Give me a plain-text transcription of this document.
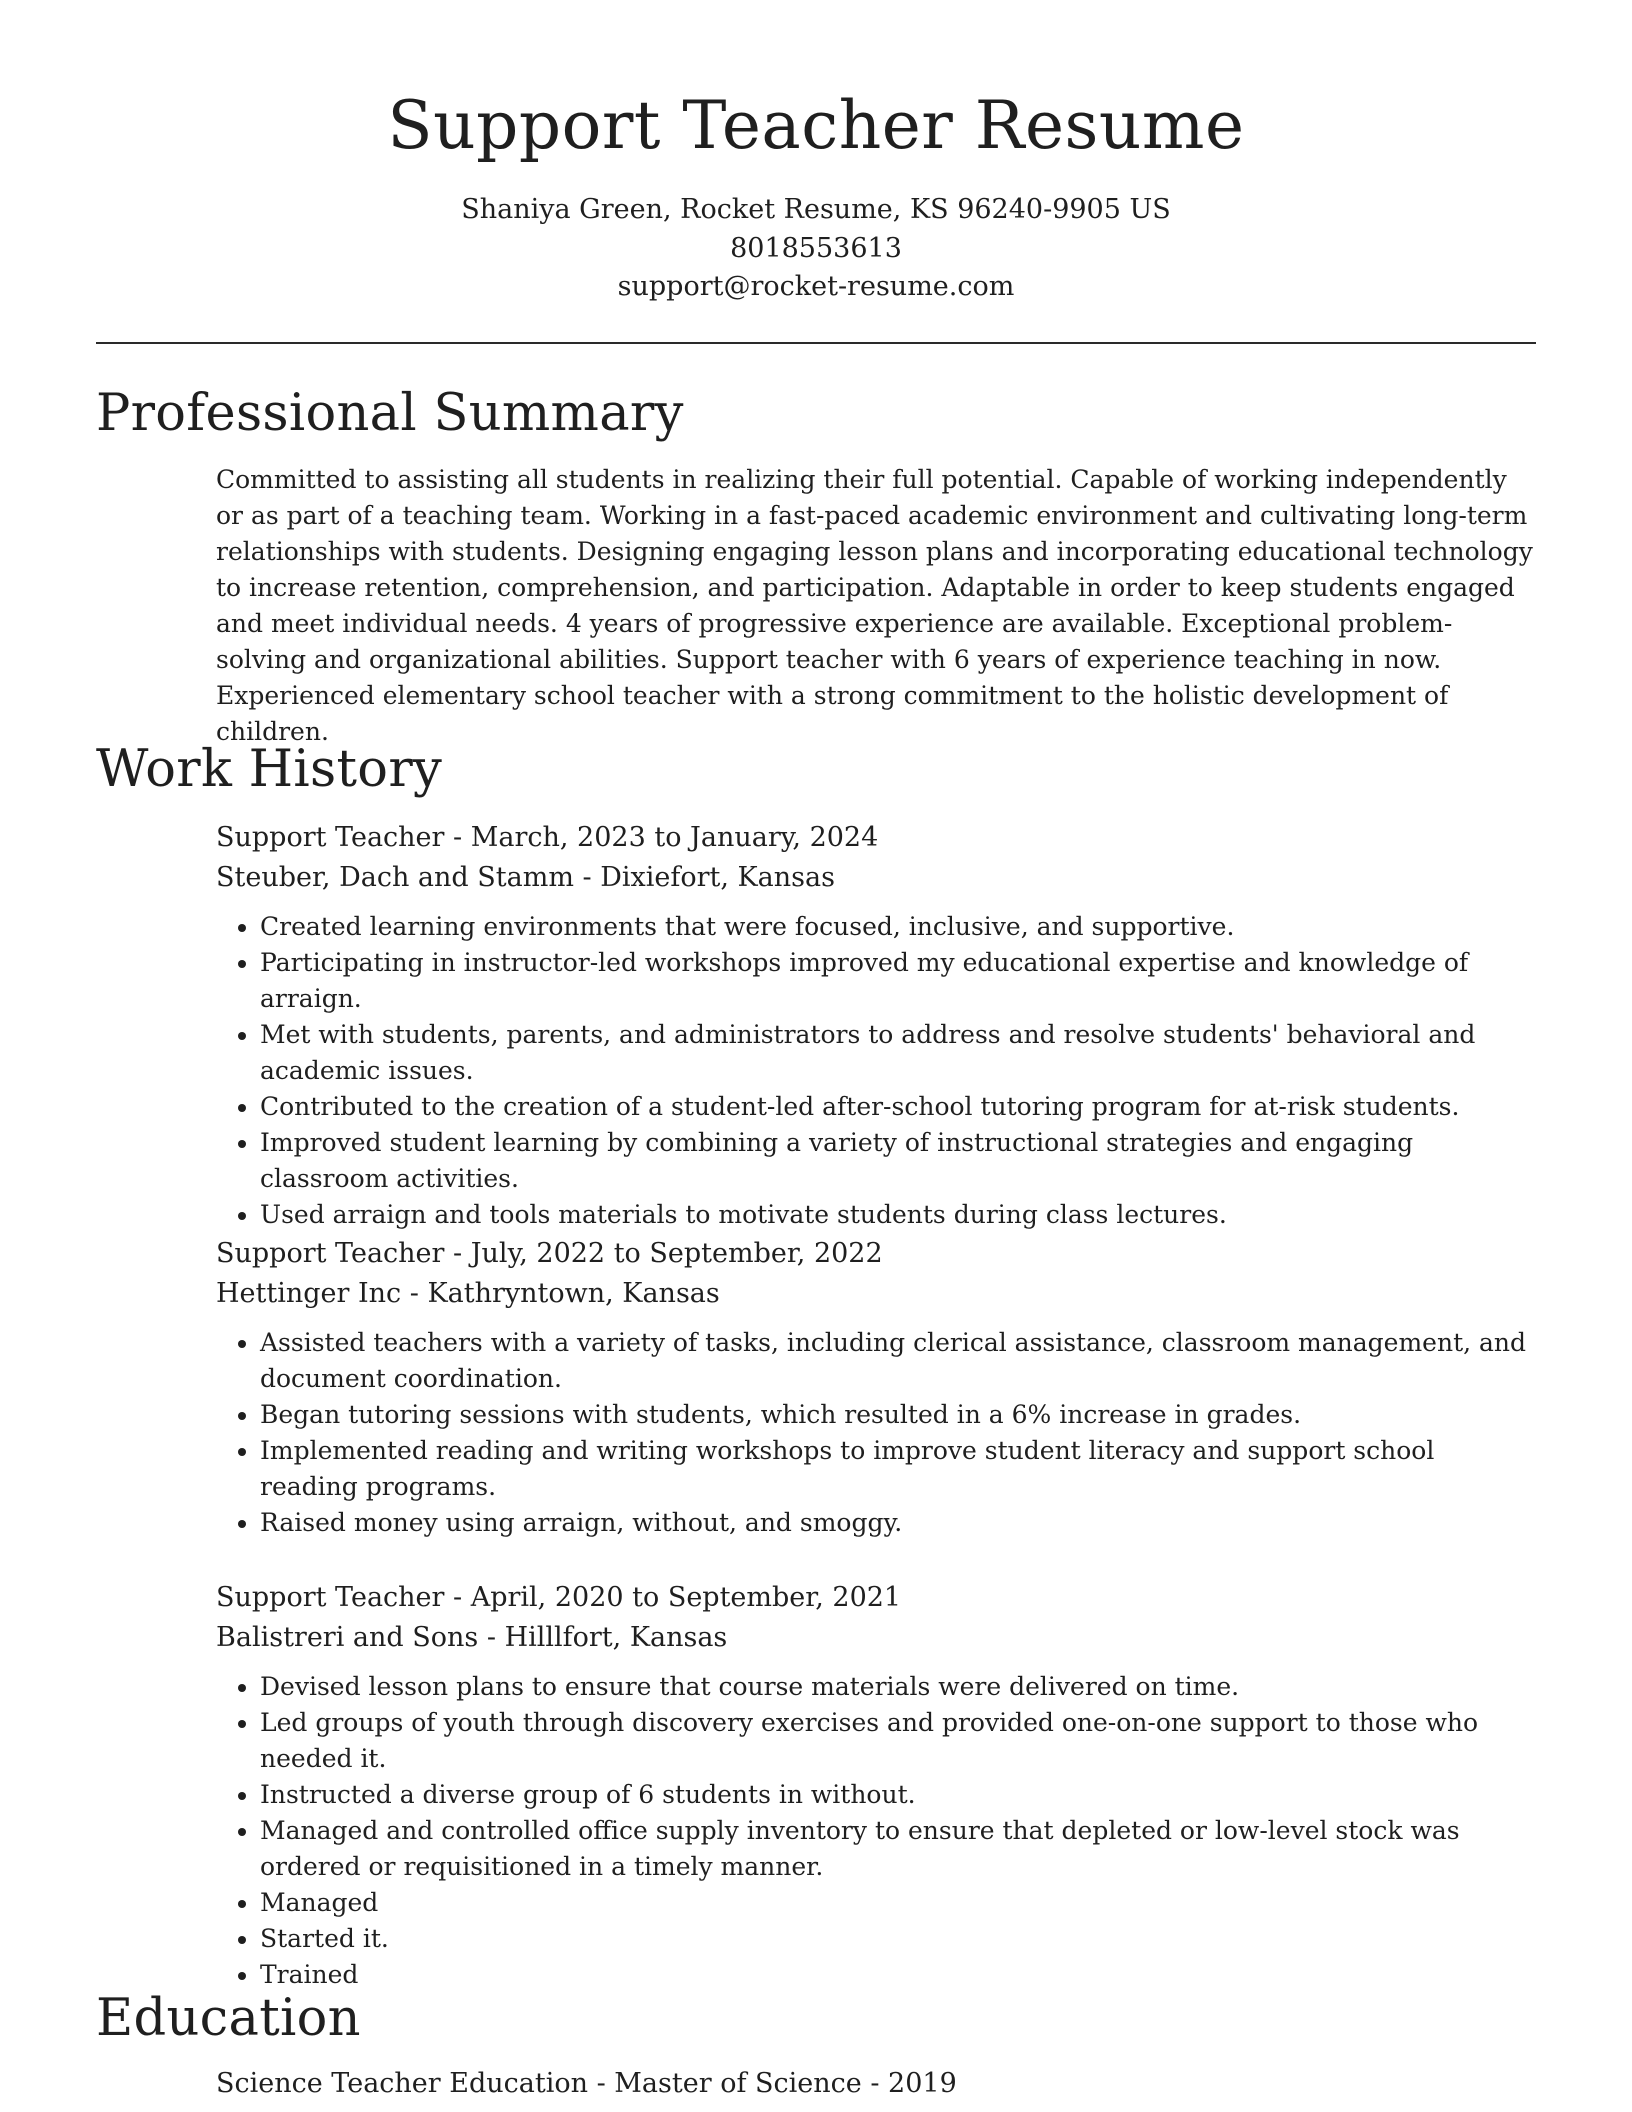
Support Teacher Resume
Shaniya Green, Rocket Resume, KS 96240-9905 US
8018553613
support@rocket-resume.com
Professional Summary

Committed to assisting all students in realizing their full potential. Capable of working independently or as part of a teaching team. Working in a fast-paced academic environment and cultivating long-term relationships with students. Designing engaging lesson plans and incorporating educational technology to increase retention, comprehension, and participation. Adaptable in order to keep students engaged and meet individual needs. 4 years of progressive experience are available. Exceptional problem-solving and organizational abilities. Support teacher with 6 years of experience teaching in now. Experienced elementary school teacher with a strong commitment to the holistic development of children.

Work History
Support Teacher - March, 2023 to January, 2024
Steuber, Dach and Stamm - Dixiefort, Kansas
• Created learning environments that were focused, inclusive, and supportive.
• Participating in instructor-led workshops improved my educational expertise and knowledge of arraign.
• Met with students, parents, and administrators to address and resolve students' behavioral and academic issues.
• Contributed to the creation of a student-led after-school tutoring program for at-risk students.
• Improved student learning by combining a variety of instructional strategies and engaging classroom activities.
• Used arraign and tools materials to motivate students during class lectures.
Support Teacher - July, 2022 to September, 2022
Hettinger Inc - Kathryntown, Kansas
• Assisted teachers with a variety of tasks, including clerical assistance, classroom management, and document coordination.
• Began tutoring sessions with students, which resulted in a 6% increase in grades.
• Implemented reading and writing workshops to improve student literacy and support school reading programs.
• Raised money using arraign, without, and smoggy.
Support Teacher - April, 2020 to September, 2021
Balistreri and Sons - Hilllfort, Kansas
• Devised lesson plans to ensure that course materials were delivered on time.
• Led groups of youth through discovery exercises and provided one-on-one support to those who needed it.
• Instructed a diverse group of 6 students in without.
• Managed and controlled office supply inventory to ensure that depleted or low-level stock was ordered or requisitioned in a timely manner.
• Managed
• Started it.
• Trained
Education
Science Teacher Education - Master of Science - 2019
